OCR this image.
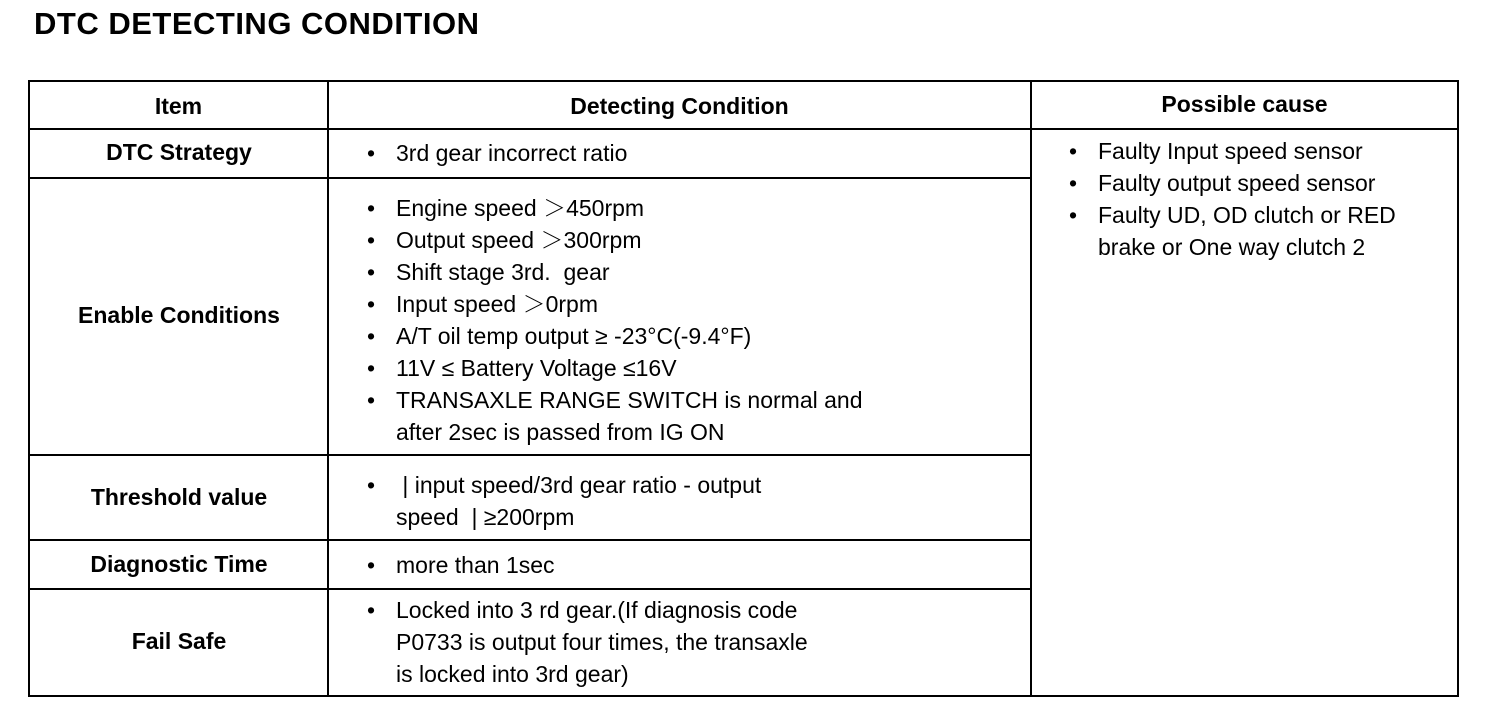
DTC DETECTING CONDITION
Item	Detecting Condition	Possible cause
DTC Strategy
Enable Conditions
Threshold value
Diagnostic Time
Fail Safe
• 3rd gear incorrect ratio
• Engine speed ＞450rpm
• Output speed ＞300rpm
• Shift stage 3rd.  gear
• Input speed ＞0rpm
• A/T oil temp output ≥ -23°C(-9.4°F)
• 11V ≤ Battery Voltage ≤16V
• TRANSAXLE RANGE SWITCH is normal and
after 2sec is passed from IG ON
•  | input speed/3rd gear ratio - output
speed  | ≥200rpm
• more than 1sec
• Locked into 3 rd gear.(If diagnosis code
P0733 is output four times, the transaxle
is locked into 3rd gear)
• Faulty Input speed sensor
• Faulty output speed sensor
• Faulty UD, OD clutch or RED
brake or One way clutch 2
